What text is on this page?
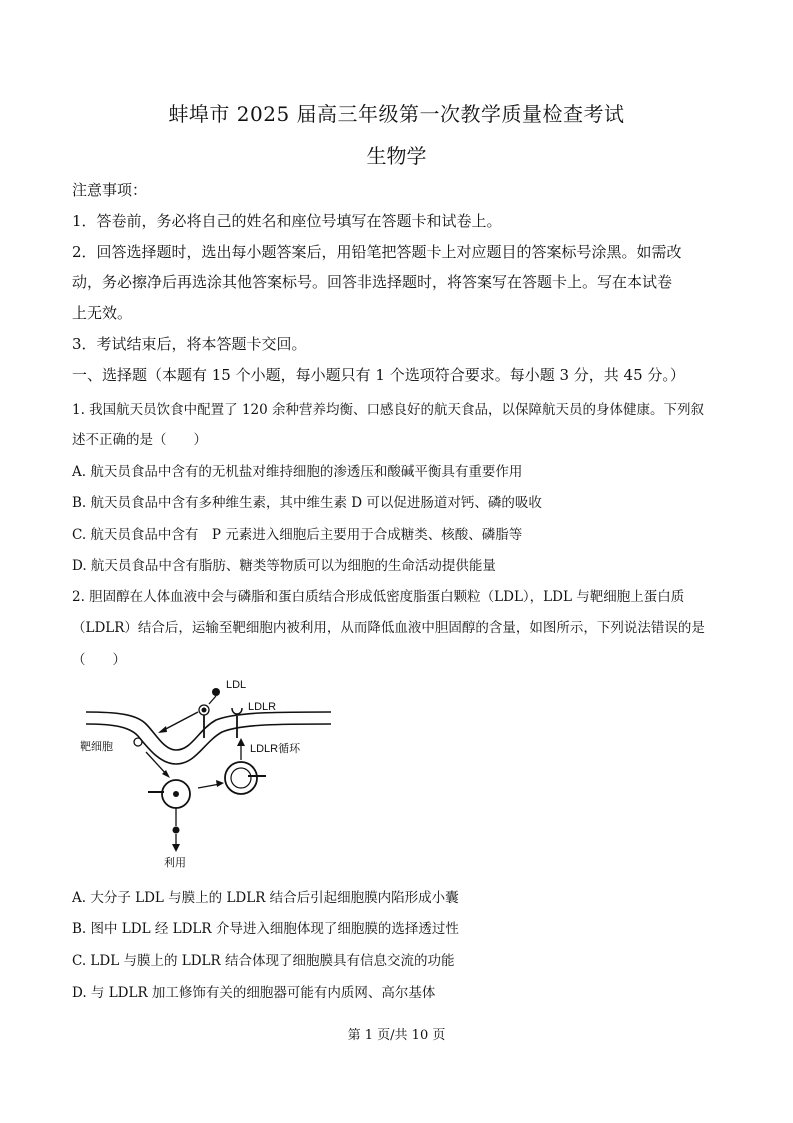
蚌埠市 2025 届高三年级第一次教学质量检查考试
生物学
注意事项：
1．答卷前，务必将自己的姓名和座位号填写在答题卡和试卷上。
2．回答选择题时，选出每小题答案后，用铅笔把答题卡上对应题目的答案标号涂黑。如需改
动，务必擦净后再选涂其他答案标号。回答非选择题时，将答案写在答题卡上。写在本试卷
上无效。
3．考试结束后，将本答题卡交回。
一、选择题（本题有 15 个小题，每小题只有 1 个选项符合要求。每小题 3 分，共 45 分。）
1. 我国航天员饮食中配置了 120 余种营养均衡、口感良好的航天食品，以保障航天员的身体健康。下列叙
述不正确的是（　　）
A. 航天员食品中含有的无机盐对维持细胞的渗透压和酸碱平衡具有重要作用
B. 航天员食品中含有多种维生素，其中维生素 D 可以促进肠道对钙、磷的吸收
C. 航天员食品中含有　P 元素进入细胞后主要用于合成糖类、核酸、磷脂等
D. 航天员食品中含有脂肪、糖类等物质可以为细胞的生命活动提供能量
2. 胆固醇在人体血液中会与磷脂和蛋白质结合形成低密度脂蛋白颗粒（LDL），LDL 与靶细胞上蛋白质
（LDLR）结合后，运输至靶细胞内被利用，从而降低血液中胆固醇的含量，如图所示，下列说法错误的是
（　　）
LDL
LDLR
靶细胞	LDLR循环
利用
A. 大分子 LDL 与膜上的 LDLR 结合后引起细胞膜内陷形成小囊
B. 图中 LDL 经 LDLR 介导进入细胞体现了细胞膜的选择透过性
C. LDL 与膜上的 LDLR 结合体现了细胞膜具有信息交流的功能
D. 与 LDLR 加工修饰有关的细胞器可能有内质网、高尔基体
第 1 页/共 10 页
